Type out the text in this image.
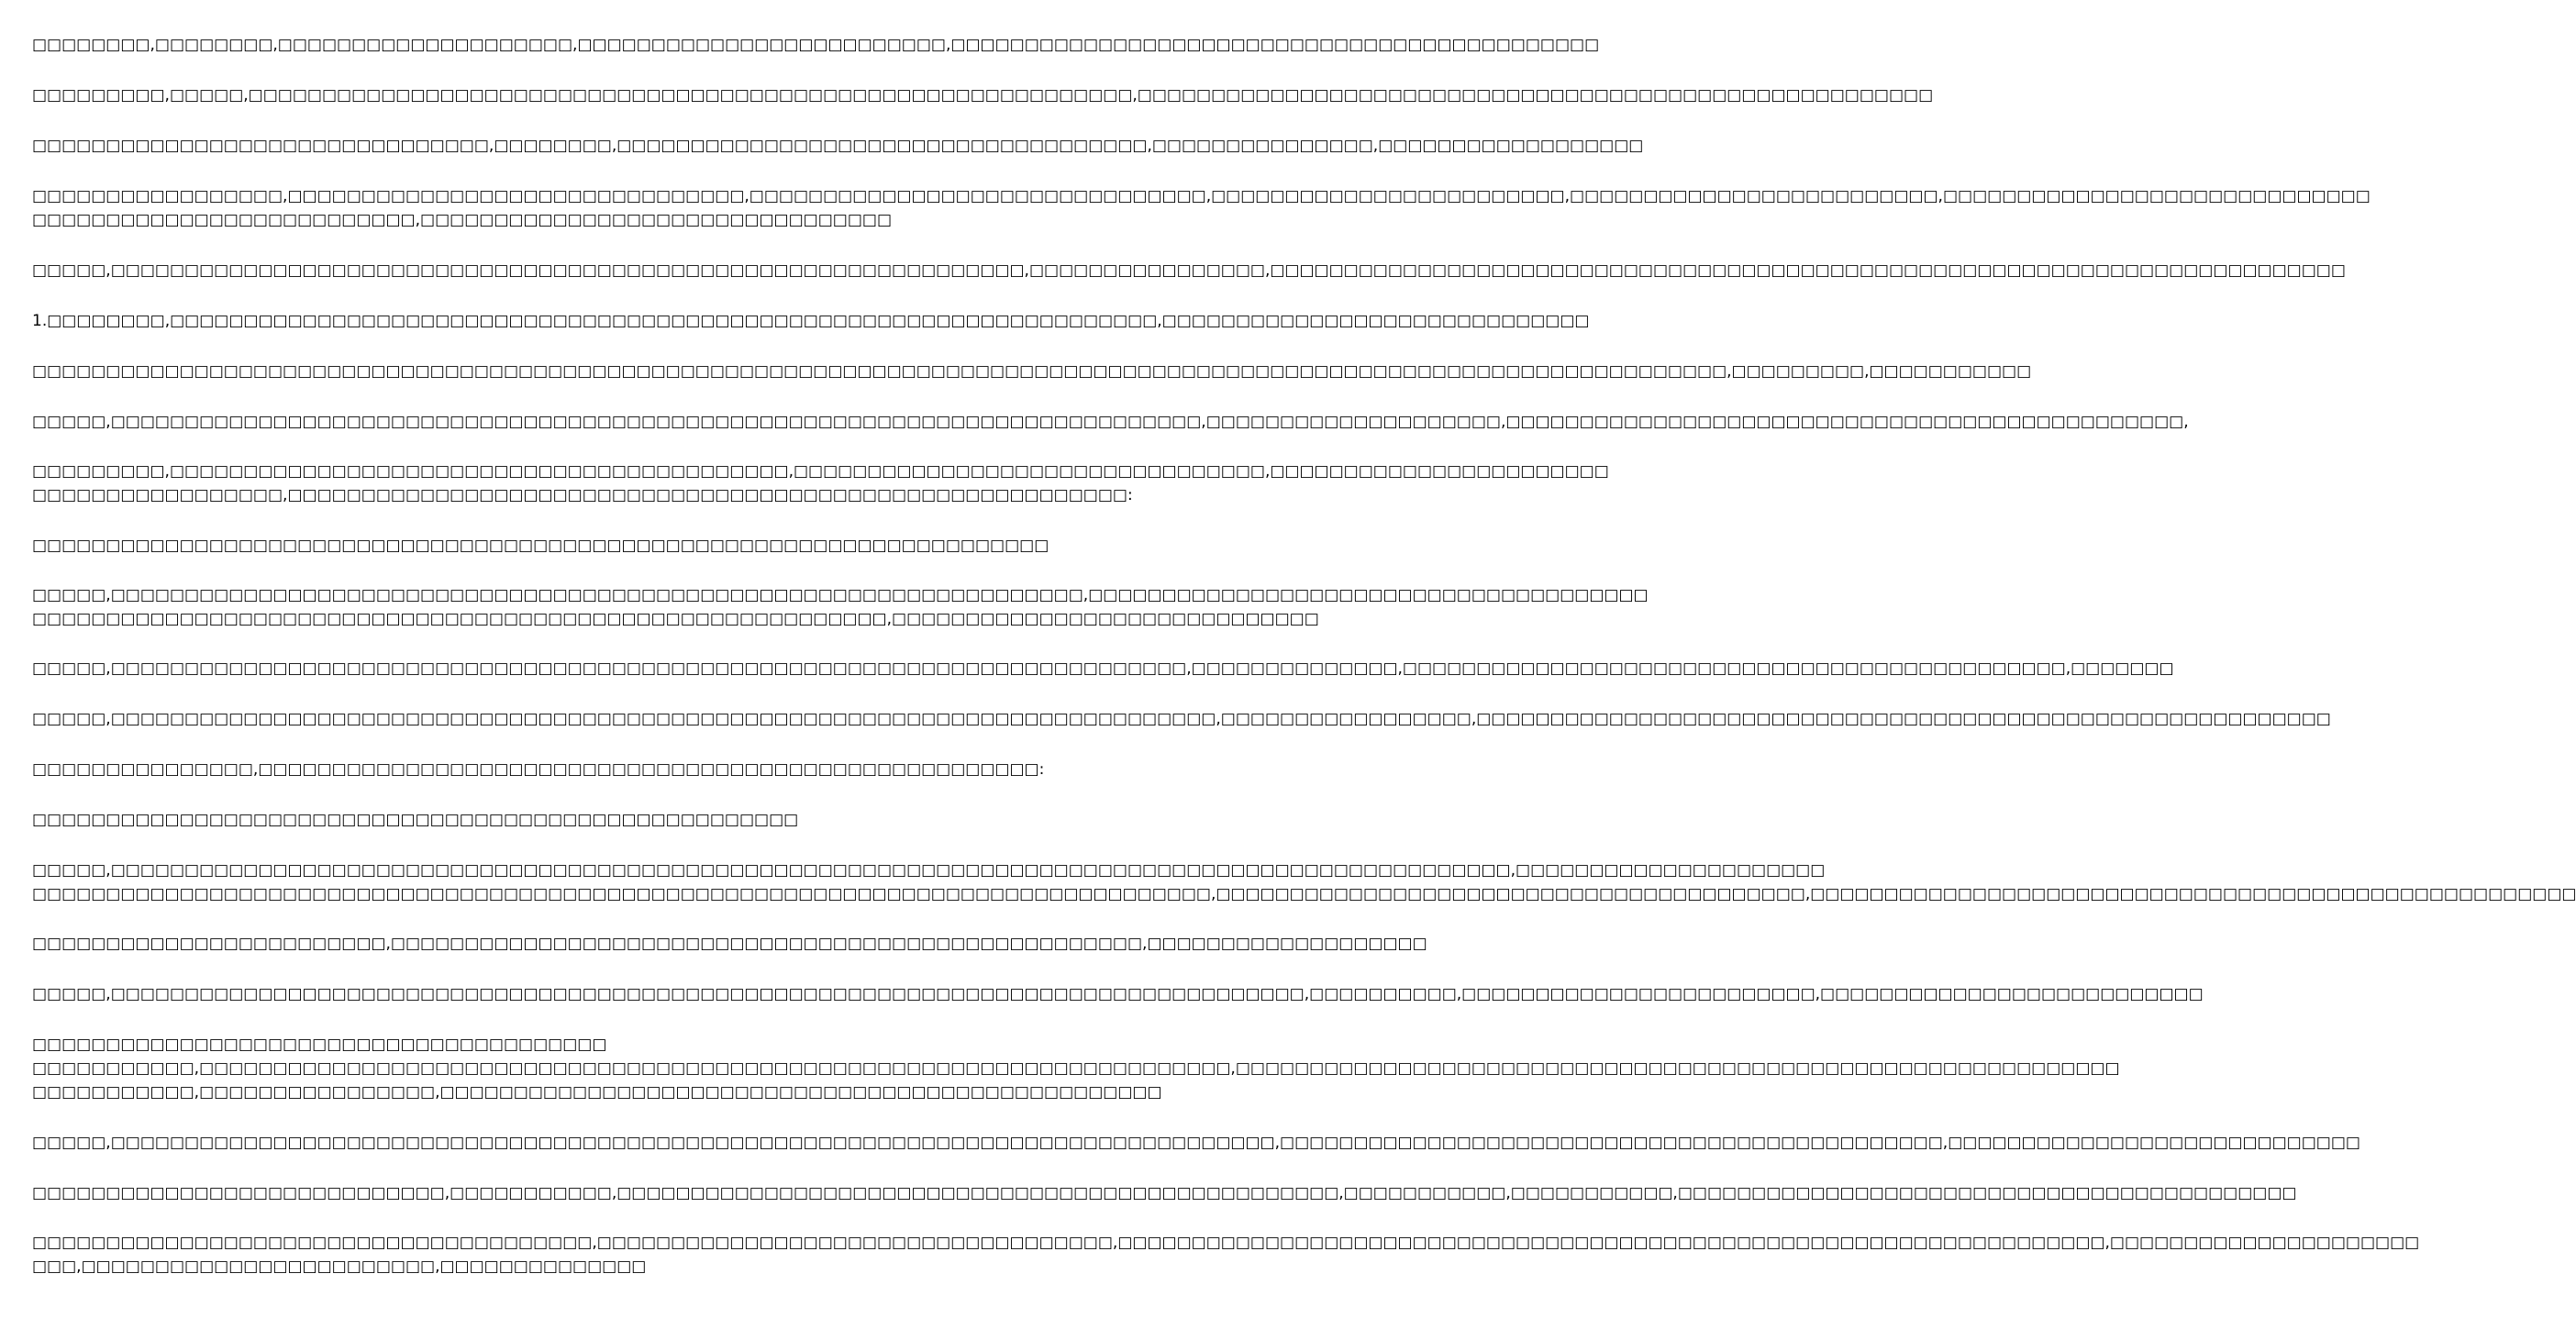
□□□□□□□□,□□□□□□□□,□□□□□□□□□□□□□□□□□□□□,□□□□□□□□□□□□□□□□□□□□□□□□□,□□□□□□□□□□□□□□□□□□□□□□□□□□□□□□□□□□□□□□□□□□□□
□□□□□□□□□,□□□□□,□□□□□□□□□□□□□□□□□□□□□□□□□□□□□□□□□□□□□□□□□□□□□□□□□□□□□□□□□□□□,□□□□□□□□□□□□□□□□□□□□□□□□□□□□□□□□□□□□□□□□□□□□□□□□□□□□□□
□□□□□□□□□□□□□□□□□□□□□□□□□□□□□□□,□□□□□□□□,□□□□□□□□□□□□□□□□□□□□□□□□□□□□□□□□□□□□,□□□□□□□□□□□□□□□,□□□□□□□□□□□□□□□□□□
□□□□□□□□□□□□□□□□□,□□□□□□□□□□□□□□□□□□□□□□□□□□□□□□□,□□□□□□□□□□□□□□□□□□□□□□□□□□□□□□□,□□□□□□□□□□□□□□□□□□□□□□□□,□□□□□□□□□□□□□□□□□□□□□□□□□,□□□□□□□□□□□□□□□□□□□□□□□□□□□□□
□□□□□□□□□□□□□□□□□□□□□□□□□□,□□□□□□□□□□□□□□□□□□□□□□□□□□□□□□□□
□□□□□,□□□□□□□□□□□□□□□□□□□□□□□□□□□□□□□□□□□□□□□□□□□□□□□□□□□□□□□□□□□□□□,□□□□□□□□□□□□□□□□,□□□□□□□□□□□□□□□□□□□□□□□□□□□□□□□□□□□□□□□□□□□□□□□□□□□□□□□□□□□□□□□□□□□□□□□□□
1.□□□□□□□□,□□□□□□□□□□□□□□□□□□□□□□□□□□□□□□□□□□□□□□□□□□□□□□□□□□□□□□□□□□□□□□□□□□□,□□□□□□□□□□□□□□□□□□□□□□□□□□□□□
□□□□□□□□□□□□□□□□□□□□□□□□□□□□□□□□□□□□□□□□□□□□□□□□□□□□□□□□□□□□□□□□□□□□□□□□□□□□□□□□□□□□□□□□□□□□□□□□□□□□□□□□□□□□□□□□□□□,□□□□□□□□□,□□□□□□□□□□□
□□□□□,□□□□□□□□□□□□□□□□□□□□□□□□□□□□□□□□□□□□□□□□□□□□□□□□□□□□□□□□□□□□□□□□□□□□□□□□□□,□□□□□□□□□□□□□□□□□□□□,□□□□□□□□□□□□□□□□□□□□□□□□□□□□□□□□□□□□□□□□□□□□□□,
□□□□□□□□□,□□□□□□□□□□□□□□□□□□□□□□□□□□□□□□□□□□□□□□□□□□,□□□□□□□□□□□□□□□□□□□□□□□□□□□□□□□□,□□□□□□□□□□□□□□□□□□□□□□□
□□□□□□□□□□□□□□□□□,□□□□□□□□□□□□□□□□□□□□□□□□□□□□□□□□□□□□□□□□□□□□□□□□□□□□□□□□□:
□□□□□□□□□□□□□□□□□□□□□□□□□□□□□□□□□□□□□□□□□□□□□□□□□□□□□□□□□□□□□□□□□□□□□
□□□□□,□□□□□□□□□□□□□□□□□□□□□□□□□□□□□□□□□□□□□□□□□□□□□□□□□□□□□□□□□□□□□□□□□□,□□□□□□□□□□□□□□□□□□□□□□□□□□□□□□□□□□□□□□
□□□□□□□□□□□□□□□□□□□□□□□□□□□□□□□□□□□□□□□□□□□□□□□□□□□□□□□□□□,□□□□□□□□□□□□□□□□□□□□□□□□□□□□□
□□□□□,□□□□□□□□□□□□□□□□□□□□□□□□□□□□□□□□□□□□□□□□□□□□□□□□□□□□□□□□□□□□□□□□□□□□□□□□□,□□□□□□□□□□□□□□,□□□□□□□□□□□□□□□□□□□□□□□□□□□□□□□□□□□□□□□□□□□□□,□□□□□□□
□□□□□,□□□□□□□□□□□□□□□□□□□□□□□□□□□□□□□□□□□□□□□□□□□□□□□□□□□□□□□□□□□□□□□□□□□□□□□□□□□,□□□□□□□□□□□□□□□□□,□□□□□□□□□□□□□□□□□□□□□□□□□□□□□□□□□□□□□□□□□□□□□□□□□□□□□□□□□□
□□□□□□□□□□□□□□□,□□□□□□□□□□□□□□□□□□□□□□□□□□□□□□□□□□□□□□□□□□□□□□□□□□□□□:
□□□□□□□□□□□□□□□□□□□□□□□□□□□□□□□□□□□□□□□□□□□□□□□□□□□□
□□□□□,□□□□□□□□□□□□□□□□□□□□□□□□□□□□□□□□□□□□□□□□□□□□□□□□□□□□□□□□□□□□□□□□□□□□□□□□□□□□□□□□□□□□□□□□□□□□□□□,□□□□□□□□□□□□□□□□□□□□□
□□□□□□□□□□□□□□□□□□□□□□□□□□□□□□□□□□□□□□□□□□□□□□□□□□□□□□□□□□□□□□□□□□□□□□□□□□□□□□□□,□□□□□□□□□□□□□□□□□□□□□□□□□□□□□□□□□□□□□□□□,□□□□□□□□□□□□□□□□□□□□□□□□□□□□□□□□□□□□□□□□□□□□□□□□□□□□
□□□□□□□□□□□□□□□□□□□□□□□□,□□□□□□□□□□□□□□□□□□□□□□□□□□□□□□□□□□□□□□□□□□□□□□□□□□□,□□□□□□□□□□□□□□□□□□□
□□□□□,□□□□□□□□□□□□□□□□□□□□□□□□□□□□□□□□□□□□□□□□□□□□□□□□□□□□□□□□□□□□□□□□□□□□□□□□□□□□□□□□□,□□□□□□□□□□,□□□□□□□□□□□□□□□□□□□□□□□□,□□□□□□□□□□□□□□□□□□□□□□□□□□
□□□□□□□□□□□□□□□□□□□□□□□□□□□□□□□□□□□□□□□
□□□□□□□□□□□,□□□□□□□□□□□□□□□□□□□□□□□□□□□□□□□□□□□□□□□□□□□□□□□□□□□□□□□□□□□□□□□□□□□□□□,□□□□□□□□□□□□□□□□□□□□□□□□□□□□□□□□□□□□□□□□□□□□□□□□□□□□□□□□□□□□
□□□□□□□□□□□,□□□□□□□□□□□□□□□□,□□□□□□□□□□□□□□□□□□□□□□□□□□□□□□□□□□□□□□□□□□□□□□□□□
□□□□□,□□□□□□□□□□□□□□□□□□□□□□□□□□□□□□□□□□□□□□□□□□□□□□□□□□□□□□□□□□□□□□□□□□□□□□□□□□□□□□□,□□□□□□□□□□□□□□□□□□□□□□□□□□□□□□□□□□□□□□□□□□□□□,□□□□□□□□□□□□□□□□□□□□□□□□□□□□
□□□□□□□□□□□□□□□□□□□□□□□□□□□□,□□□□□□□□□□□,□□□□□□□□□□□□□□□□□□□□□□□□□□□□□□□□□□□□□□□□□□□□□□□□□,□□□□□□□□□□□,□□□□□□□□□□□,□□□□□□□□□□□□□□□□□□□□□□□□□□□□□□□□□□□□□□□□□□
□□□□□□□□□□□□□□□□□□□□□□□□□□□□□□□□□□□□□□,□□□□□□□□□□□□□□□□□□□□□□□□□□□□□□□□□□□,□□□□□□□□□□□□□□□□□□□□□□□□□□□□□□□□□□□□□□□□□□□□□□□□□□□□□□□□□□□□□□□□□□□,□□□□□□□□□□□□□□□□□□□□□
□□□,□□□□□□□□□□□□□□□□□□□□□□□□,□□□□□□□□□□□□□□
